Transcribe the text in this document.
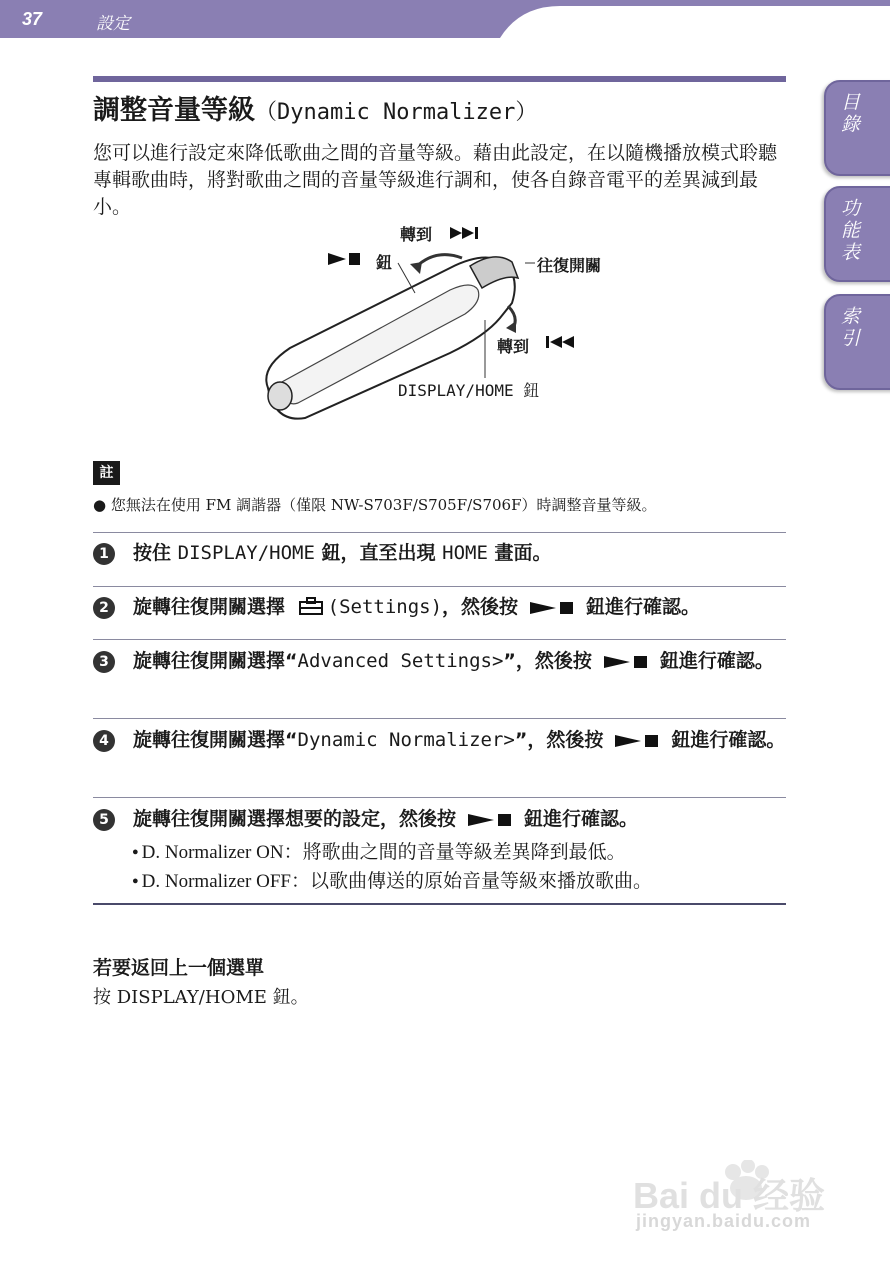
37	設定
目錄
功能表
索引
調整音量等級（Dynamic Normalizer）

您可以進行設定來降低歌曲之間的音量等級。藉由此設定，在以隨機播放模式聆聽專輯歌曲時，將對歌曲之間的音量等級進行調和，使各自錄音電平的差異減到最小。

轉到
鈕	往復開關
轉到
DISPLAY/HOME 鈕
註
● 您無法在使用 FM 調諧器（僅限 NW-S703F/S705F/S706F）時調整音量等級。
1	按住 DISPLAY/HOME 鈕，直至出現 HOME 畫面。

2	旋轉往復開關選擇 (Settings)，然後按	鈕進行確認。

3	旋轉往復開關選擇“Advanced Settings>”，然後按	鈕進行確認。

4	旋轉往復開關選擇“Dynamic Normalizer>”，然後按	鈕進行確認。

5	旋轉往復開關選擇想要的設定，然後按	鈕進行確認。

● D. Normalizer ON：將歌曲之間的音量等級差異降到最低。
● D. Normalizer OFF：以歌曲傳送的原始音量等級來播放歌曲。
若要返回上一個選單
按 DISPLAY/HOME 鈕。
Bai du 经验
jingyan.baidu.com
